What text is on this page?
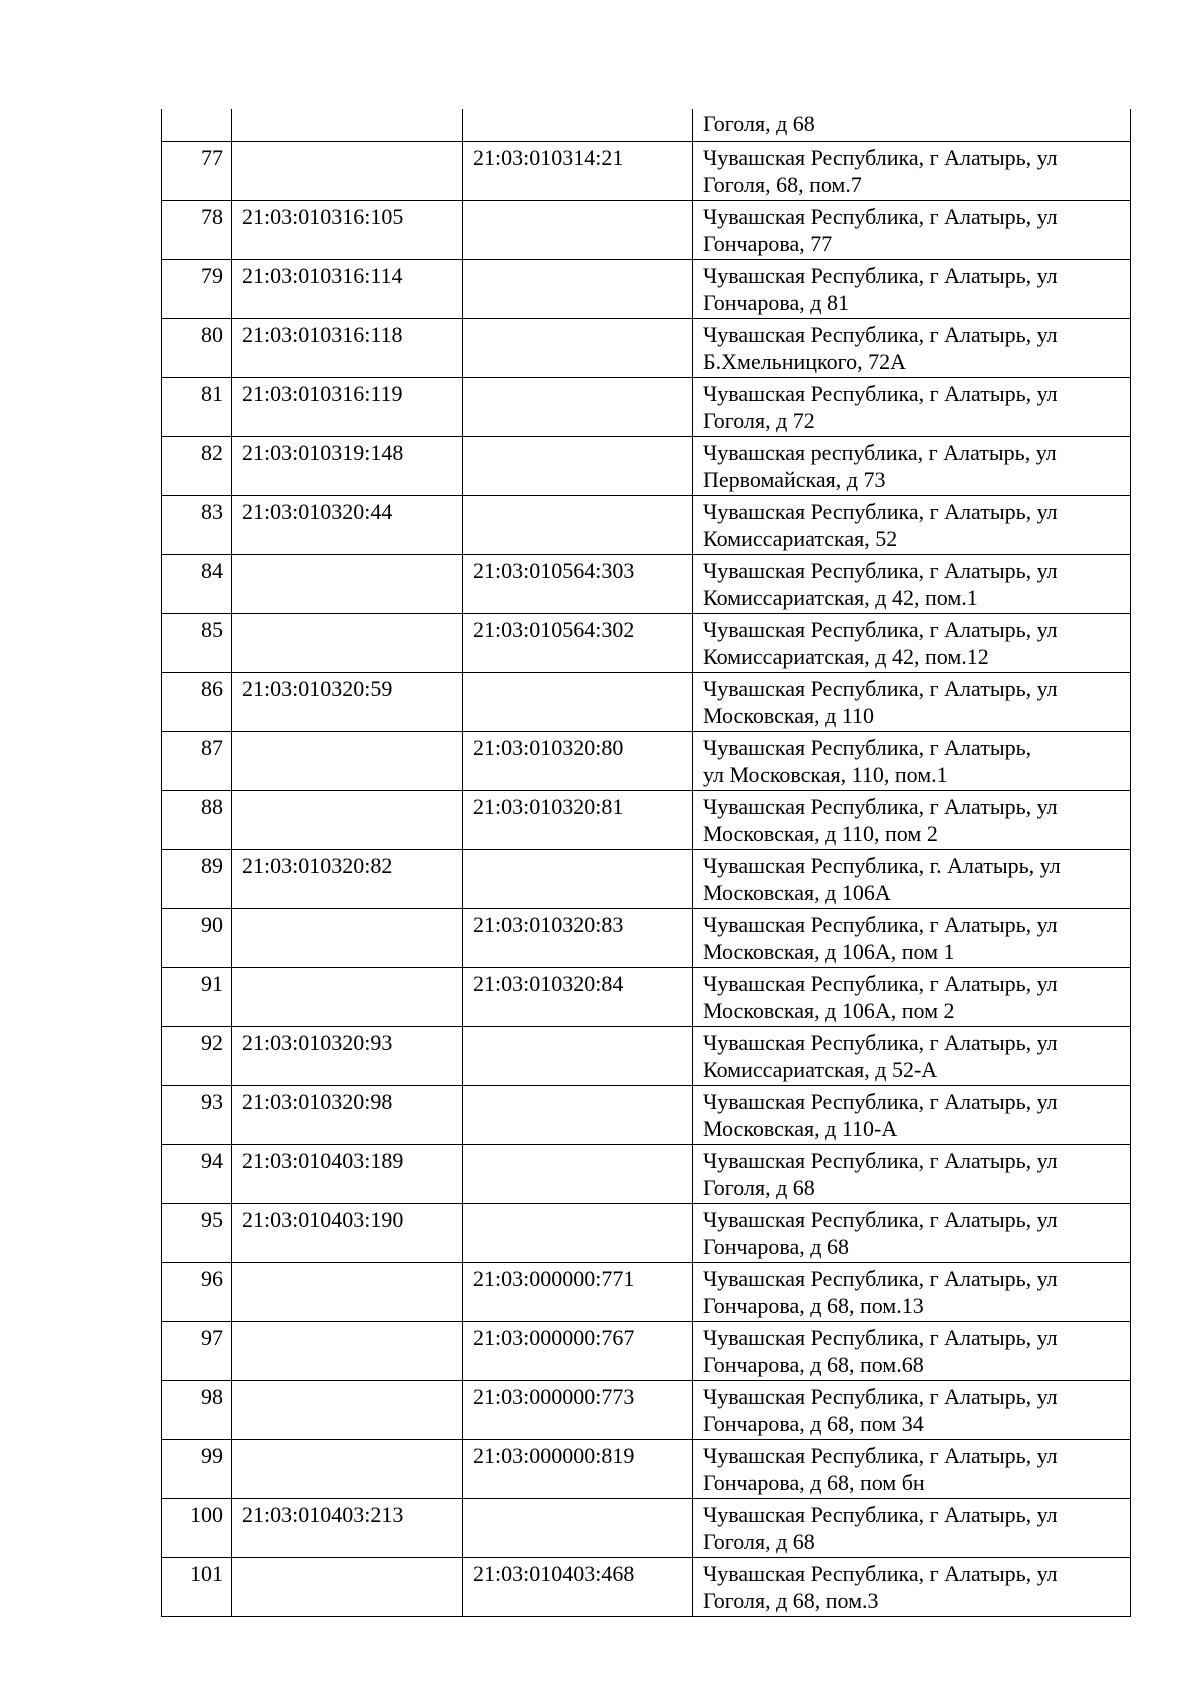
			Гоголя, д 68

77		21:03:010314:21	Чувашская Республика, г Алатырь, ул
Гоголя, 68, пом.7

78	21:03:010316:105		Чувашская Республика, г Алатырь, ул
Гончарова, 77

79	21:03:010316:114		Чувашская Республика, г Алатырь, ул
Гончарова, д 81

80	21:03:010316:118		Чувашская Республика, г Алатырь, ул
Б.Хмельницкого, 72А

81	21:03:010316:119		Чувашская Республика, г Алатырь, ул
Гоголя, д 72

82	21:03:010319:148		Чувашская республика, г Алатырь, ул
Первомайская, д 73

83	21:03:010320:44		Чувашская Республика, г Алатырь, ул
Комиссариатская, 52

84		21:03:010564:303	Чувашская Республика, г Алатырь, ул
Комиссариатская, д 42, пом.1

85		21:03:010564:302	Чувашская Республика, г Алатырь, ул
Комиссариатская, д 42, пом.12

86	21:03:010320:59		Чувашская Республика, г Алатырь, ул
Московская, д 110

87		21:03:010320:80	Чувашская Республика, г Алатырь,
ул Московская, 110, пом.1

88		21:03:010320:81	Чувашская Республика, г Алатырь, ул
Московская, д 110, пом 2

89	21:03:010320:82		Чувашская Республика, г. Алатырь, ул
Московская, д 106А

90		21:03:010320:83	Чувашская Республика, г Алатырь, ул
Московская, д 106А, пом 1

91		21:03:010320:84	Чувашская Республика, г Алатырь, ул
Московская, д 106А, пом 2

92	21:03:010320:93		Чувашская Республика, г Алатырь, ул
Комиссариатская, д 52-А

93	21:03:010320:98		Чувашская Республика, г Алатырь, ул
Московская, д 110-А

94	21:03:010403:189		Чувашская Республика, г Алатырь, ул
Гоголя, д 68

95	21:03:010403:190		Чувашская Республика, г Алатырь, ул
Гончарова, д 68

96		21:03:000000:771	Чувашская Республика, г Алатырь, ул
Гончарова, д 68, пом.13

97		21:03:000000:767	Чувашская Республика, г Алатырь, ул
Гончарова, д 68, пом.68

98		21:03:000000:773	Чувашская Республика, г Алатырь, ул
Гончарова, д 68, пом 34

99		21:03:000000:819	Чувашская Республика, г Алатырь, ул
Гончарова, д 68, пом бн

100	21:03:010403:213		Чувашская Республика, г Алатырь, ул
Гоголя, д 68

101		21:03:010403:468	Чувашская Республика, г Алатырь, ул
Гоголя, д 68, пом.3
